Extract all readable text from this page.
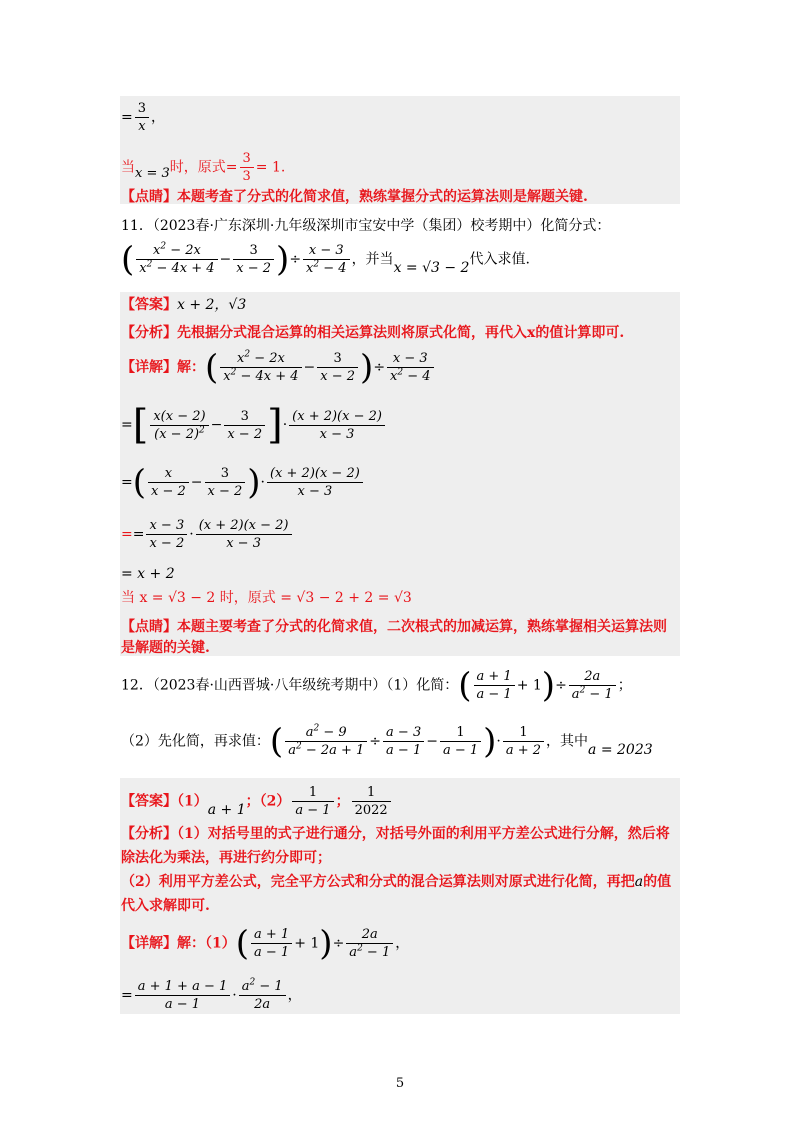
= $\frac{3}{x}$ ，
当x = 3时，原式= $\frac{3}{3} = 1$.
【点睛】本题考查了分式的化简求值，熟练掌握分式的运算法则是解题关键.
11．（2023春·广东深圳·九年级深圳市宝安中学（集团）校考期中）化简分式：
( $\frac{x^2 - 2x}{x^2 - 4x + 4} - \frac{3}{x - 2}$ )÷ $\frac{x - 3}{x^2 - 4}$ ，并当x = √3 − 2代入求值.
【答案】x + 2，√3
【分析】先根据分式混合运算的相关运算法则将原式化简，再代入x的值计算即可.
【详解】解：( $\frac{x^2 - 2x}{x^2 - 4x + 4} - \frac{3}{x - 2}$ )÷ $\frac{x - 3}{x^2 - 4}$
=[ $\frac{x(x - 2)}{(x - 2)^2} - \frac{3}{x - 2}$ ]· $\frac{(x + 2)(x - 2)}{x - 3}$
=( $\frac{x}{x - 2} - \frac{3}{x - 2}$ )· $\frac{(x + 2)(x - 2)}{x - 3}$
== $\frac{x - 3}{x - 2} \cdot \frac{(x + 2)(x - 2)}{x - 3}$
= x + 2
当 x = √3 − 2 时，原式 = √3 − 2 + 2 = √3
【点睛】本题主要考查了分式的化简求值，二次根式的加减运算，熟练掌握相关运算法则
是解题的关键.
12．（2023春·山西晋城·八年级统考期中）（1）化简：( $\frac{a + 1}{a - 1} + 1)\div \frac{2a}{a^2 - 1}$ ；
（2）先化简，再求值：( $\frac{a^2 - 9}{a^2 - 2a + 1} \div \frac{a - 3}{a - 1} - \frac{1}{a - 1}$ )· $\frac{1}{a + 2}$ ，其中a = 2023
【答案】（1）a + 1；$(2) \frac{1}{a - 1}$ ； $\frac{1}{2022}$
【分析】（1）对括号里的式子进行通分，对括号外面的利用平方差公式进行分解，然后将
除法化为乘法，再进行约分即可；
（2）利用平方差公式，完全平方公式和分式的混合运算法则对原式进行化简，再把a的值
代入求解即可.
【详解】解：$(1)( \frac{a + 1}{a - 1} + 1)\div \frac{2a}{a^2 - 1}$ ，
= $\frac{a + 1 + a - 1}{a - 1} \cdot \frac{a^2 - 1}{2a}$ ，
5
